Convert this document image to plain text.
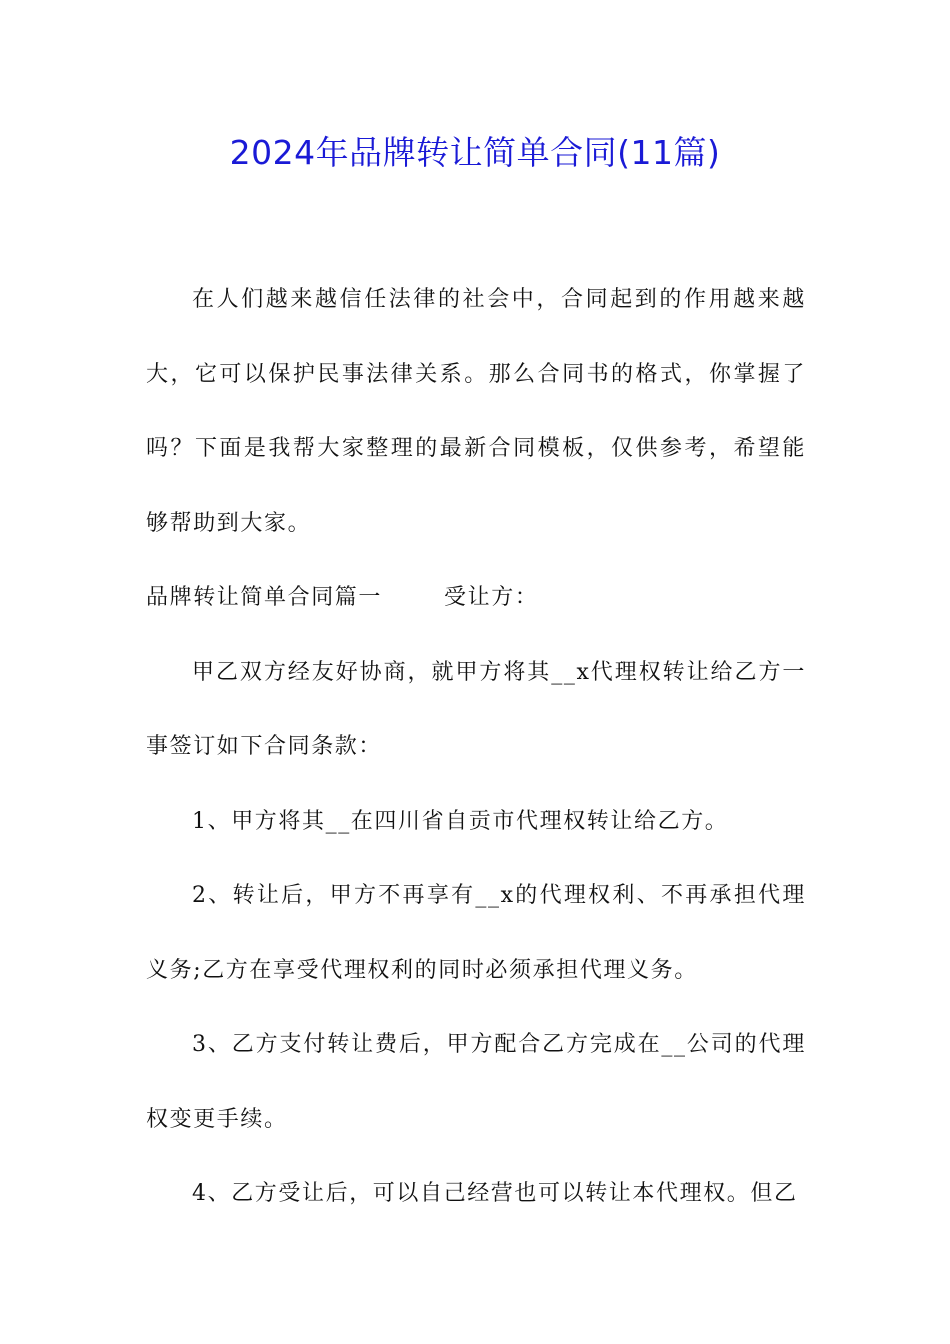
2024年品牌转让简单合同(11篇)

在人们越来越信任法律的社会中，合同起到的作用越来越大，它可以保护民事法律关系。那么合同书的格式，你掌握了吗？下面是我帮大家整理的最新合同模板，仅供参考，希望能够帮助到大家。

品牌转让简单合同篇一	受让方：

甲乙双方经友好协商，就甲方将其__x代理权转让给乙方一事签订如下合同条款：

1、甲方将其__在四川省自贡市代理权转让给乙方。

2、转让后，甲方不再享有__x的代理权利、不再承担代理义务;乙方在享受代理权利的同时必须承担代理义务。

3、乙方支付转让费后，甲方配合乙方完成在__公司的代理权变更手续。

4、乙方受让后，可以自己经营也可以转让本代理权。但乙
